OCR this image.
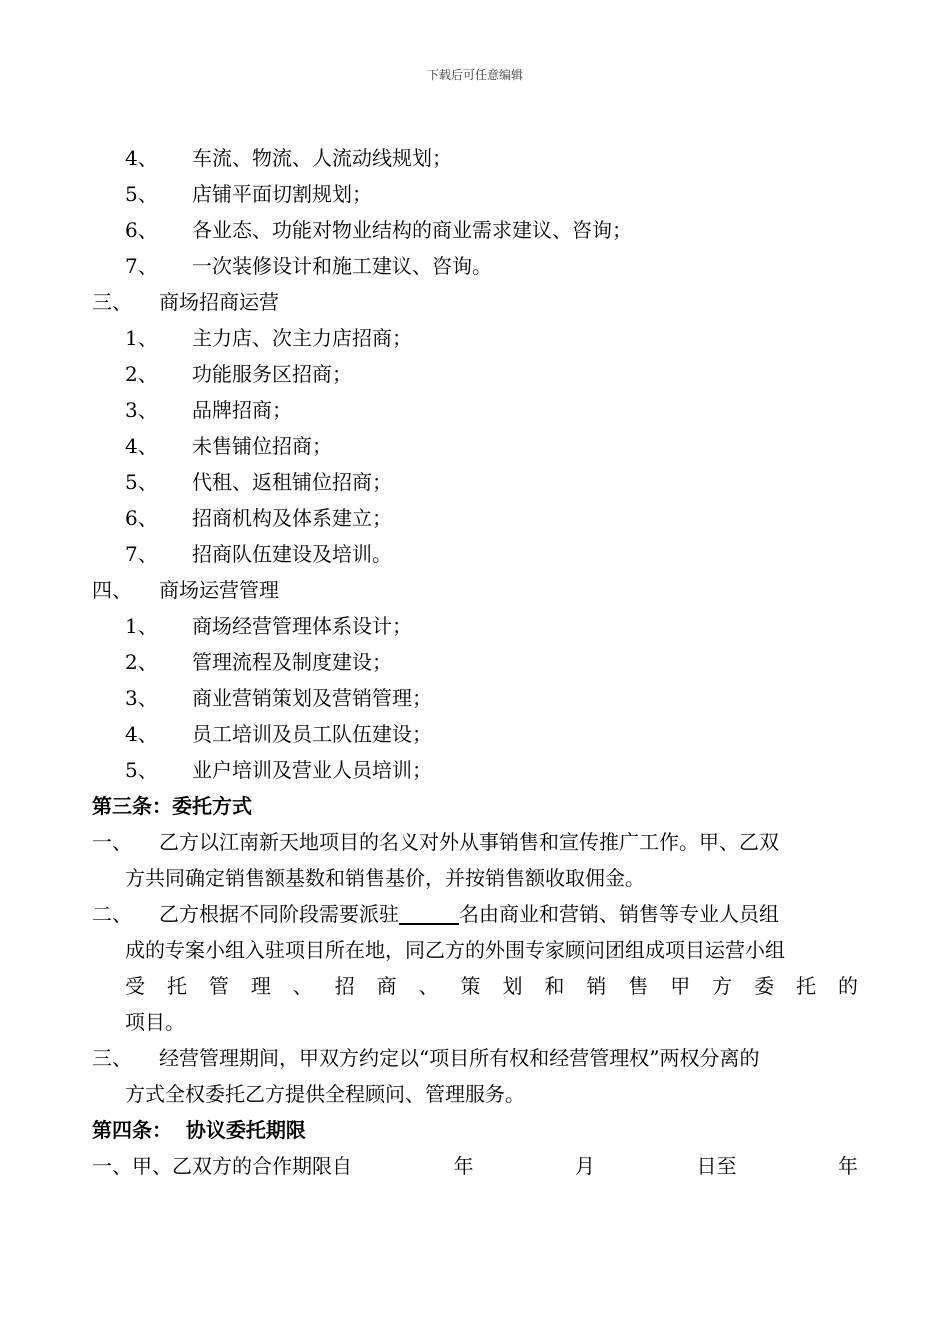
下载后可任意编辑
4、 车流、物流、人流动线规划；
5、 店铺平面切割规划；
6、 各业态、功能对物业结构的商业需求建议、咨询；
7、 一次装修设计和施工建议、咨询。
三、 商场招商运营
1、 主力店、次主力店招商；
2、 功能服务区招商；
3、 品牌招商；
4、 未售铺位招商；
5、 代租、返租铺位招商；
6、 招商机构及体系建立；
7、 招商队伍建设及培训。
四、 商场运营管理
1、 商场经营管理体系设计；
2、 管理流程及制度建设；
3、 商业营销策划及营销管理；
4、 员工培训及员工队伍建设；
5、 业户培训及营业人员培训；
第三条：委托方式
一、 乙方以江南新天地项目的名义对外从事销售和宣传推广工作。甲、乙双
方共同确定销售额基数和销售基价，并按销售额收取佣金。
二、 乙方根据不同阶段需要派驻	名由商业和营销、销售等专业人员组
成的专案小组入驻项目所在地，同乙方的外围专家顾问团组成项目运营小组
受 托 管 理 、 招 商 、 策 划 和 销 售 甲 方 委 托 的
项目。
三、 经营管理期间，甲双方约定以“项目所有权和经营管理权”两权分离的
方式全权委托乙方提供全程顾问、管理服务。
第四条：  协议委托期限
一、甲、乙双方的合作期限自	年	月	日至	年
